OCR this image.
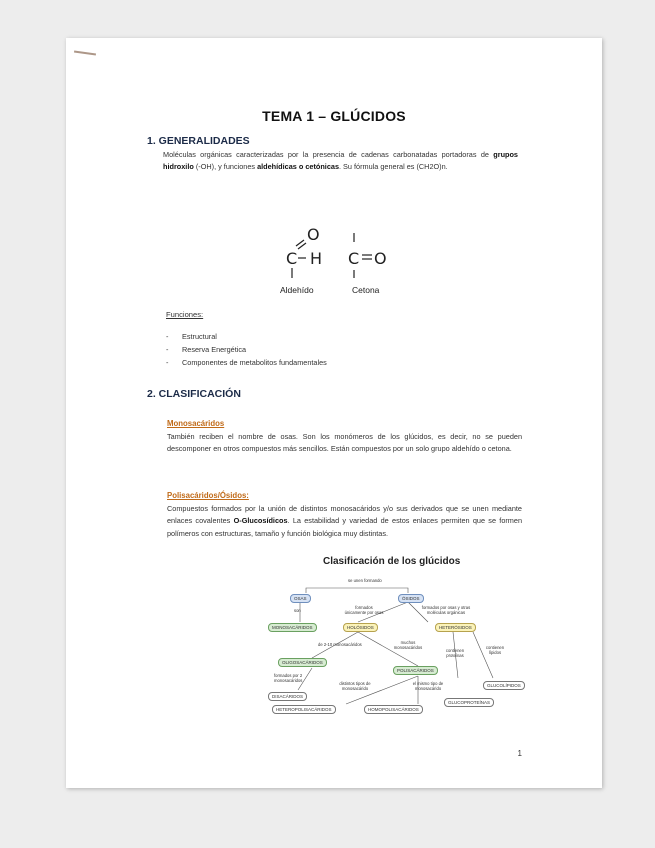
TEMA 1 – GLÚCIDOS
1. GENERALIDADES
Moléculas orgánicas caracterizadas por la presencia de cadenas carbonatadas portadoras de grupos hidroxilo (-OH), y funciones aldehídicas o cetónicas. Su fórmula general es (CH2O)n.
C
O
H C O
Aldehído	Cetona
Funciones:
- Estructural
- Reserva Energética
- Componentes de metabolitos fundamentales
2. CLASIFICACIÓN
Monosacáridos
También reciben el nombre de osas. Son los monómeros de los glúcidos, es decir, no se pueden descomponer en otros compuestos más sencillos. Están compuestos por un solo grupo aldehído o cetona.
Polisacáridos/Ósidos:
Compuestos formados por la unión de distintos monosacáridos y/o sus derivados que se unen mediante enlaces covalentes O-Glucosídicos. La estabilidad y variedad de estos enlaces permiten que se formen polímeros con estructuras, tamaño y función biológica muy distintas.
Clasificación de los glúcidos
se unen formando
OSAS	ÓSIDOS
son
formados únicamente por osas
formados por osas y otras moléculas orgánicas
MONOSACÁRIDOS	HOLÓSIDOS	HETERÓSIDOS
de 2-10 monosacáridos	muchos monosacáridos
contienen proteínas
contienen lípidos
OLIGOSACÁRIDOS
POLISACÁRIDOS
formados por 2 monosacáridos
distintos tipos de monosacárido
el mismo tipo de monosacárido
GLUCOLÍPIDOS
DISACÁRIDOS
GLUCOPROTEÍNAS
HETEROPOLISACÁRIDOS	HOMOPOLISACÁRIDOS
1
